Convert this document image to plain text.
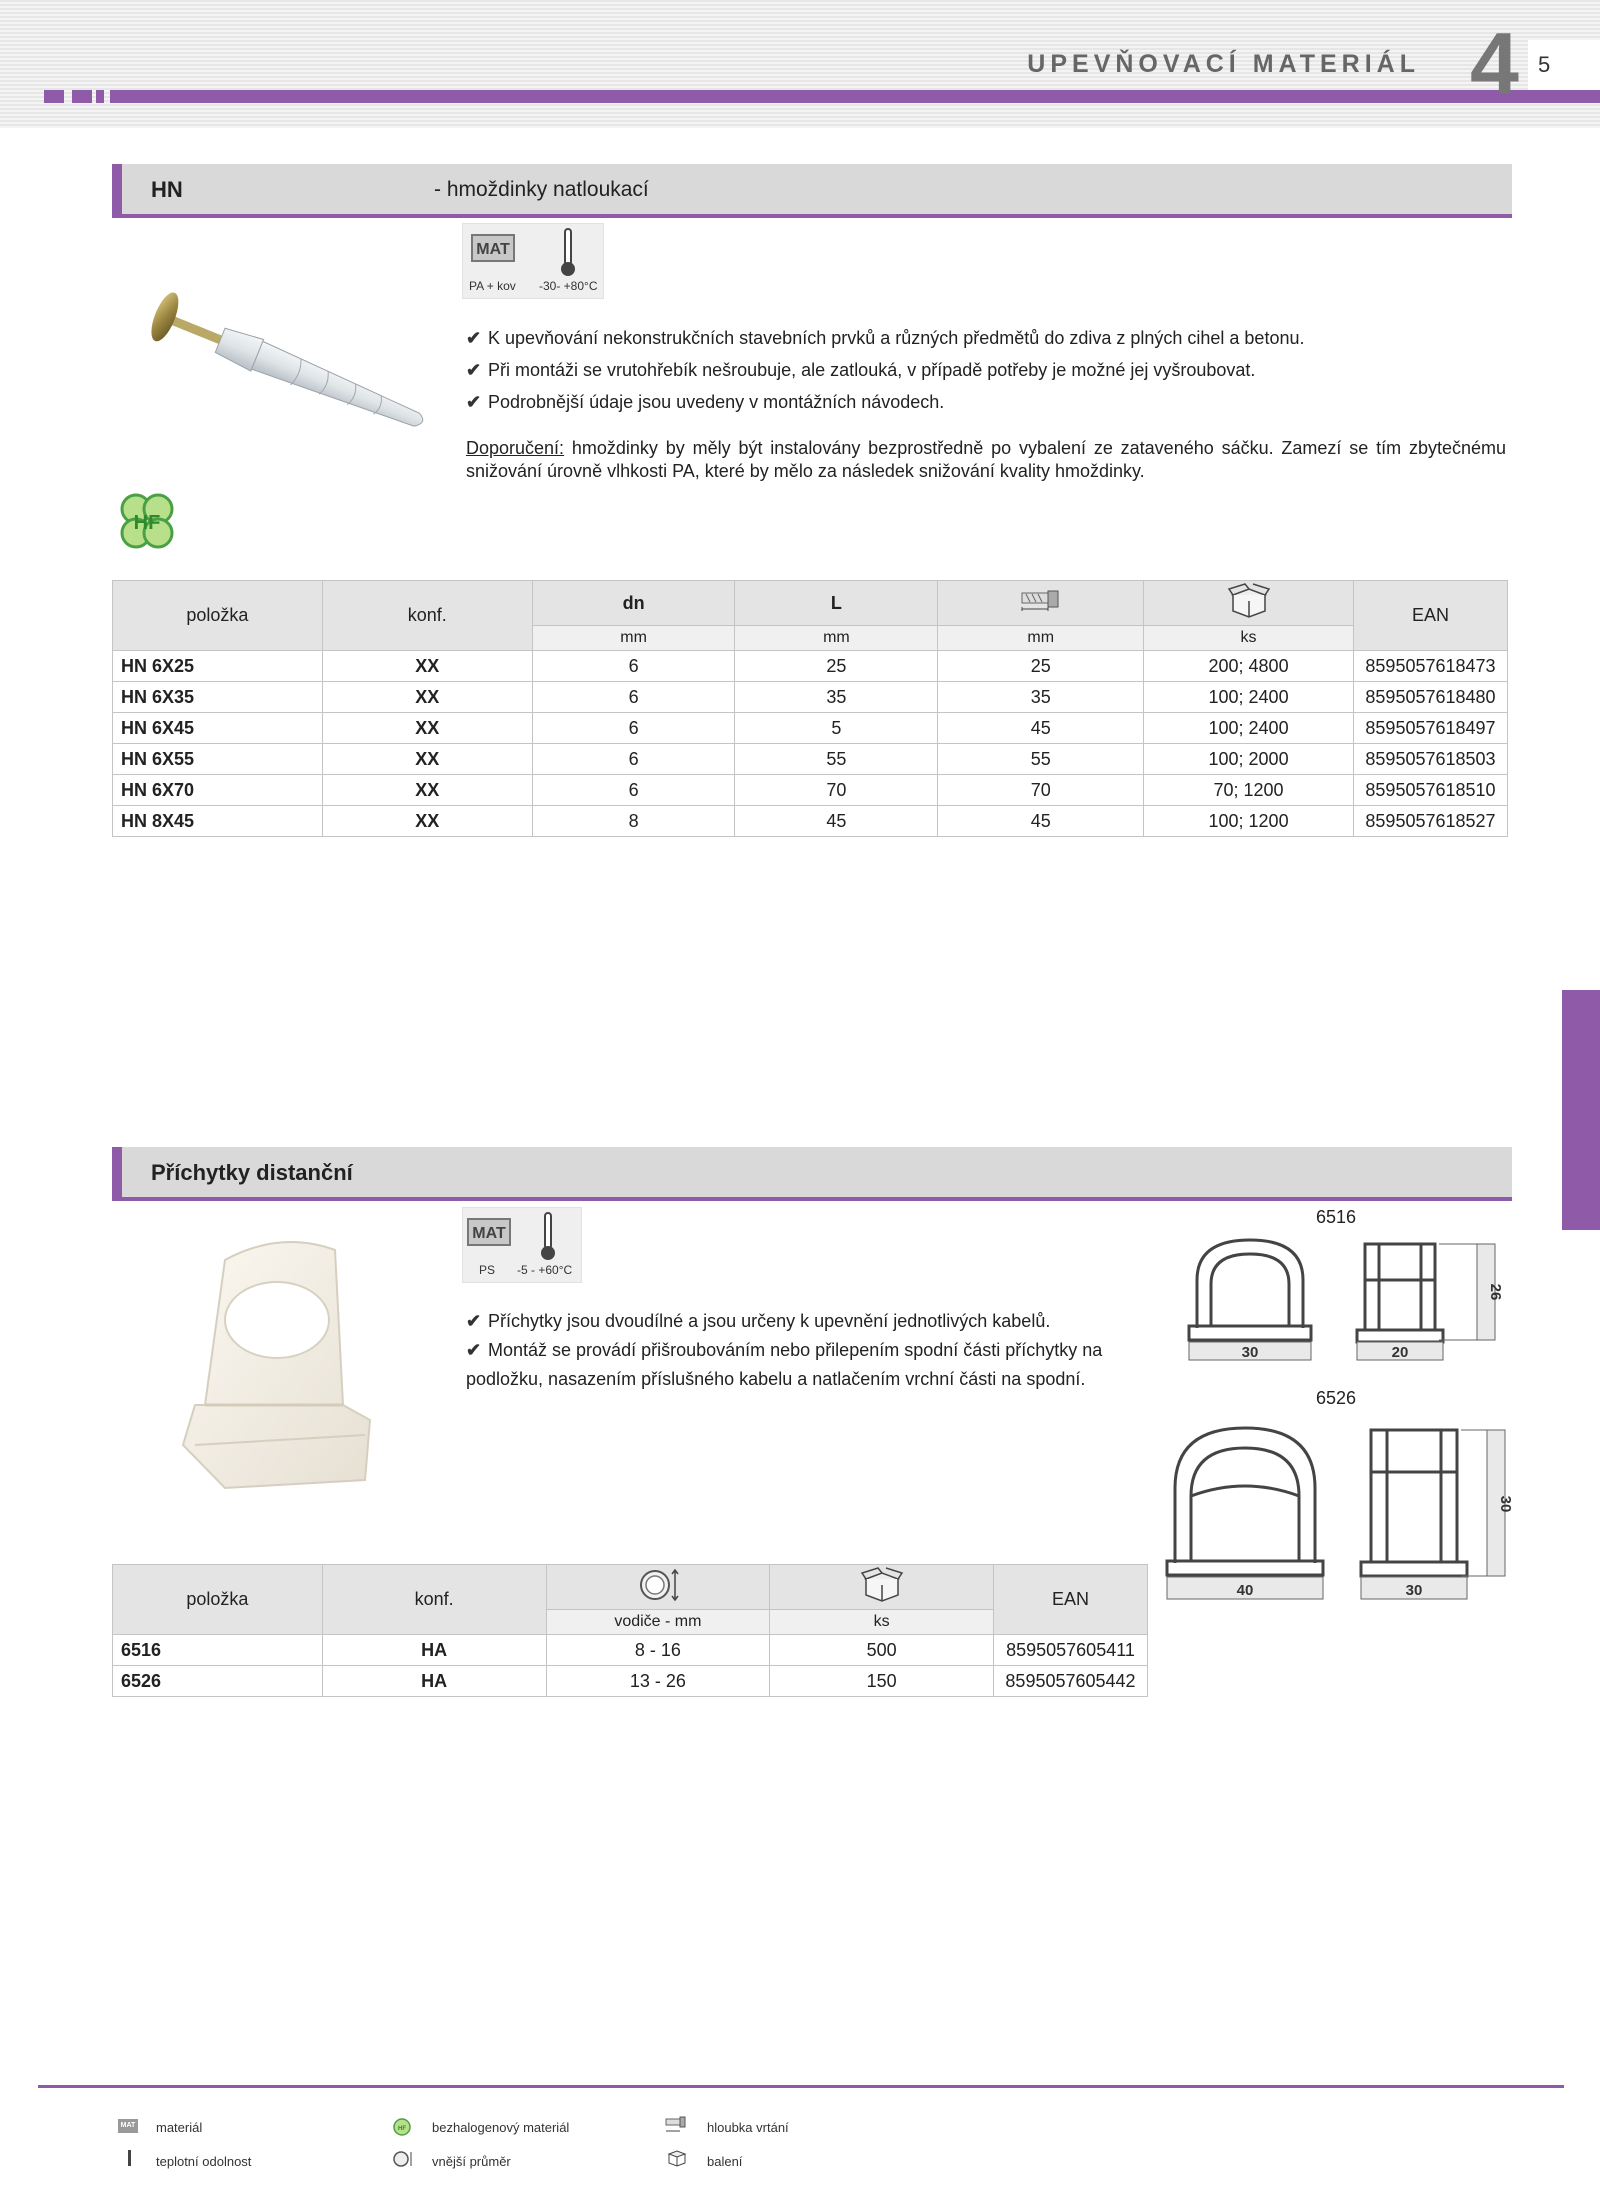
UPEVŇOVACÍ MATERIÁL 4 5
HN	- hmoždinky natloukací
MAT
PA + kov -30- +80°C
HF
✔ K upevňování nekonstrukčních stavebních prvků a různých předmětů do zdiva z plných cihel a betonu.
✔ Při montáži se vrutohřebík nešroubuje, ale zatlouká, v případě potřeby je možné jej vyšroubovat.
✔ Podrobnější údaje jsou uvedeny v montážních návodech.
Doporučení: hmoždinky by měly být instalovány bezprostředně po vybalení ze zataveného sáčku. Zamezí se tím zbytečnému snižování úrovně vlhkosti PA, které by mělo za následek snižování kvality hmoždinky.
položka	konf.	dn	L			EAN
		mm	mm	mm	ks	
HN 6X25	XX	6	25	25	200; 4800	8595057618473
HN 6X35	XX	6	35	35	100; 2400	8595057618480
HN 6X45	XX	6	5	45	100; 2400	8595057618497
HN 6X55	XX	6	55	55	100; 2000	8595057618503
HN 6X70	XX	6	70	70	70; 1200	8595057618510
HN 8X45	XX	8	45	45	100; 1200	8595057618527
Příchytky distanční
MAT
PS -5 - +60°C
✔ Příchytky jsou dvoudílné a jsou určeny k upevnění jednotlivých kabelů.
✔ Montáž se provádí přišroubováním nebo přilepením spodní části příchytky na podložku, nasazením příslušného kabelu a natlačením vrchní části na spodní.
6516
30	20
26
6526
40	30
30
položka	konf.			EAN
		vodiče - mm	ks	
6516	HA	8 - 16	500	8595057605411
6526	HA	13 - 26	150	8595057605442
MAT materiál	HF bezhalogenový materiál	hloubka vrtání
teplotní odolnost	vnější průměr	balení
